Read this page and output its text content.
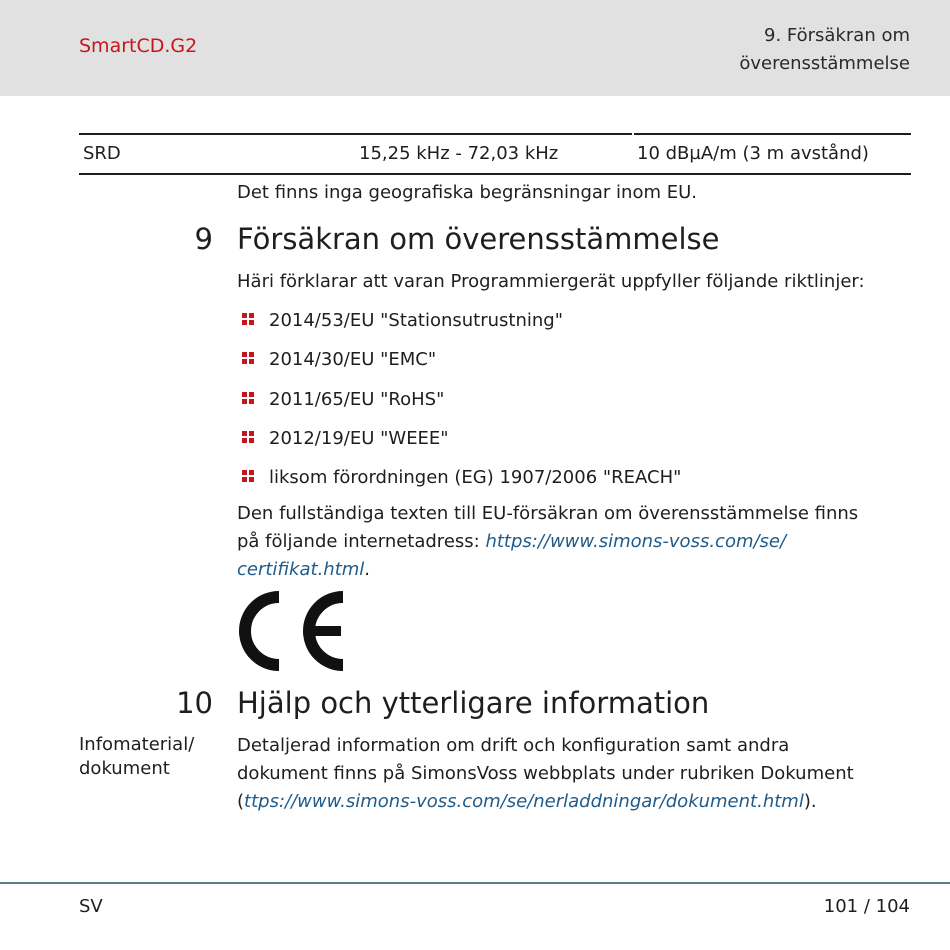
SmartCD.G2	9. Försäkran om
överensstämmelse
SRD	15,25 kHz - 72,03 kHz	10 dBµA/m (3 m avstånd)
Det finns inga geografiska begränsningar inom EU.
9 Försäkran om överensstämmelse
Häri förklarar att varan Programmiergerät uppfyller följande riktlinjer:
2014/53/EU "Stationsutrustning"
2014/30/EU "EMC"
2011/65/EU "RoHS"
2012/19/EU "WEEE"
liksom förordningen (EG) 1907/2006 "REACH"
Den fullständiga texten till EU-försäkran om överensstämmelse finns
på följande internetadress: https://www.simons-voss.com/se/
certifikat.html.
10 Hjälp och ytterligare information
Infomaterial/
dokument
Detaljerad information om drift och konfiguration samt andra
dokument finns på SimonsVoss webbplats under rubriken Dokument
(ttps://www.simons-voss.com/se/nerladdningar/dokument.html).
SV	101 / 104
